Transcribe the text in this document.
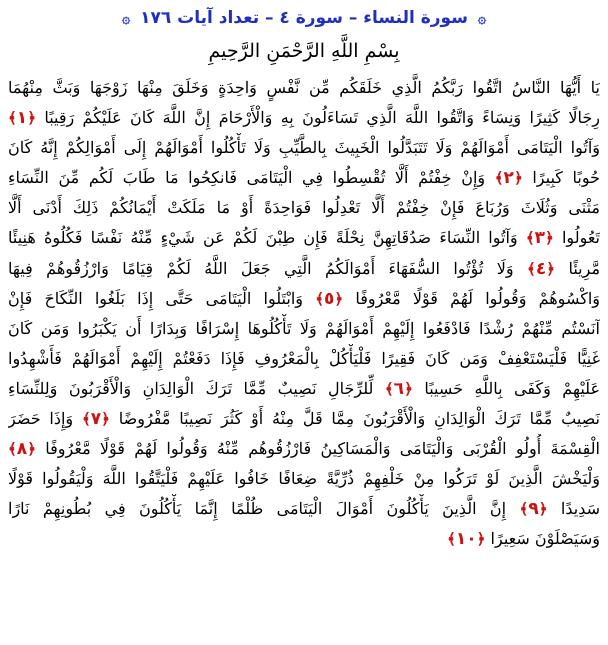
۞ سورة النساء – سورة ٤ – تعداد آيات ١٧٦ ۞
بِسْمِ اللَّهِ الرَّحْمَنِ الرَّحِيمِ
يَا أَيُّهَا النَّاسُ اتَّقُوا رَبَّكُمُ الَّذِي خَلَقَكُم مِّن نَّفْسٍ وَاحِدَةٍ وَخَلَقَ مِنْهَا زَوْجَهَا وَبَثَّ مِنْهُمَا
رِجَالًا كَثِيرًا وَنِسَاءً وَاتَّقُوا اللَّهَ الَّذِي تَسَاءَلُونَ بِهِ وَالْأَرْحَامَ إِنَّ اللَّهَ كَانَ عَلَيْكُمْ رَقِيبًا ﴿١﴾
وَآتُوا الْيَتَامَى أَمْوَالَهُمْ وَلَا تَتَبَدَّلُوا الْخَبِيثَ بِالطَّيِّبِ وَلَا تَأْكُلُوا أَمْوَالَهُمْ إِلَى أَمْوَالِكُمْ إِنَّهُ كَانَ
حُوبًا كَبِيرًا ﴿٢﴾ وَإِنْ خِفْتُمْ أَلَّا تُقْسِطُوا فِي الْيَتَامَى فَانكِحُوا مَا طَابَ لَكُم مِّنَ النِّسَاءِ
مَثْنَى وَثُلَاثَ وَرُبَاعَ فَإِنْ خِفْتُمْ أَلَّا تَعْدِلُوا فَوَاحِدَةً أَوْ مَا مَلَكَتْ أَيْمَانُكُمْ ذَلِكَ أَدْنَى أَلَّا
تَعُولُوا ﴿٣﴾ وَآتُوا النِّسَاءَ صَدُقَاتِهِنَّ نِحْلَةً فَإِن طِبْنَ لَكُمْ عَن شَيْءٍ مِّنْهُ نَفْسًا فَكُلُوهُ هَنِيئًا
مَّرِيئًا ﴿٤﴾ وَلَا تُؤْتُوا السُّفَهَاءَ أَمْوَالَكُمُ الَّتِي جَعَلَ اللَّهُ لَكُمْ قِيَامًا وَارْزُقُوهُمْ فِيهَا
وَاكْسُوهُمْ وَقُولُوا لَهُمْ قَوْلًا مَّعْرُوفًا ﴿٥﴾ وَابْتَلُوا الْيَتَامَى حَتَّى إِذَا بَلَغُوا النِّكَاحَ فَإِنْ
آنَسْتُم مِّنْهُمْ رُشْدًا فَادْفَعُوا إِلَيْهِمْ أَمْوَالَهُمْ وَلَا تَأْكُلُوهَا إِسْرَافًا وَبِدَارًا أَن يَكْبَرُوا وَمَن كَانَ
غَنِيًّا فَلْيَسْتَعْفِفْ وَمَن كَانَ فَقِيرًا فَلْيَأْكُلْ بِالْمَعْرُوفِ فَإِذَا دَفَعْتُمْ إِلَيْهِمْ أَمْوَالَهُمْ فَأَشْهِدُوا
عَلَيْهِمْ وَكَفَى بِاللَّهِ حَسِيبًا ﴿٦﴾ لِّلرِّجَالِ نَصِيبٌ مِّمَّا تَرَكَ الْوَالِدَانِ وَالْأَقْرَبُونَ وَلِلنِّسَاءِ
نَصِيبٌ مِّمَّا تَرَكَ الْوَالِدَانِ وَالْأَقْرَبُونَ مِمَّا قَلَّ مِنْهُ أَوْ كَثُرَ نَصِيبًا مَّفْرُوضًا ﴿٧﴾ وَإِذَا حَضَرَ
الْقِسْمَةَ أُولُو الْقُرْبَى وَالْيَتَامَى وَالْمَسَاكِينُ فَارْزُقُوهُم مِّنْهُ وَقُولُوا لَهُمْ قَوْلًا مَّعْرُوفًا ﴿٨﴾
وَلْيَخْشَ الَّذِينَ لَوْ تَرَكُوا مِنْ خَلْفِهِمْ ذُرِّيَّةً ضِعَافًا خَافُوا عَلَيْهِمْ فَلْيَتَّقُوا اللَّهَ وَلْيَقُولُوا قَوْلًا
سَدِيدًا ﴿٩﴾ إِنَّ الَّذِينَ يَأْكُلُونَ أَمْوَالَ الْيَتَامَى ظُلْمًا إِنَّمَا يَأْكُلُونَ فِي بُطُونِهِمْ نَارًا
وَسَيَصْلَوْنَ سَعِيرًا ﴿١٠﴾
